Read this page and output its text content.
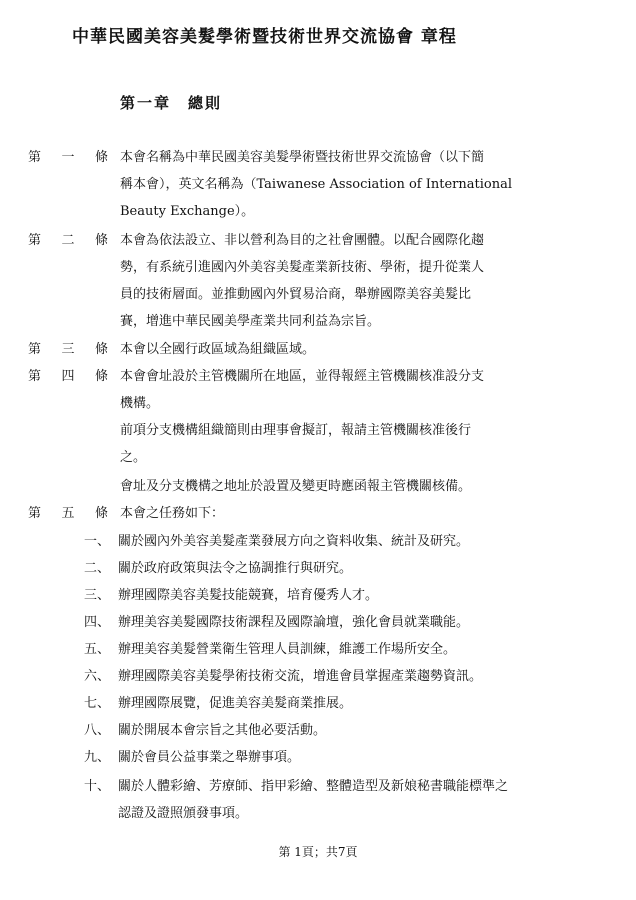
中華民國美容美髮學術暨技術世界交流協會 章程
第一章　總則
第 一 條 本會名稱為中華民國美容美髮學術暨技術世界交流協會（以下簡
稱本會），英文名稱為（Taiwanese Association of International
Beauty Exchange）。
第 二 條 本會為依法設立、非以營利為目的之社會團體。以配合國際化趨
勢，有系統引進國內外美容美髮產業新技術、學術，提升從業人
員的技術層面。並推動國內外貿易洽商，舉辦國際美容美髮比
賽，增進中華民國美學產業共同利益為宗旨。
第 三 條 本會以全國行政區域為組織區域。
第 四 條 本會會址設於主管機關所在地區，並得報經主管機關核准設分支
機構。
前項分支機構組織簡則由理事會擬訂，報請主管機關核准後行
之。
會址及分支機構之地址於設置及變更時應函報主管機關核備。
第 五 條 本會之任務如下：
一、 關於國內外美容美髮產業發展方向之資料收集、統計及研究。
二、 關於政府政策與法令之協調推行與研究。
三、 辦理國際美容美髮技能競賽，培育優秀人才。
四、 辦理美容美髮國際技術課程及國際論壇，強化會員就業職能。
五、 辦理美容美髮營業衛生管理人員訓練，維護工作場所安全。
六、 辦理國際美容美髮學術技術交流，增進會員掌握產業趨勢資訊。
七、 辦理國際展覽，促進美容美髮商業推展。
八、 關於開展本會宗旨之其他必要活動。
九、 關於會員公益事業之舉辦事項。
十、 關於人體彩繪、芳療師、指甲彩繪、整體造型及新娘秘書職能標準之
認證及證照頒發事項。
第 1頁；共7頁
